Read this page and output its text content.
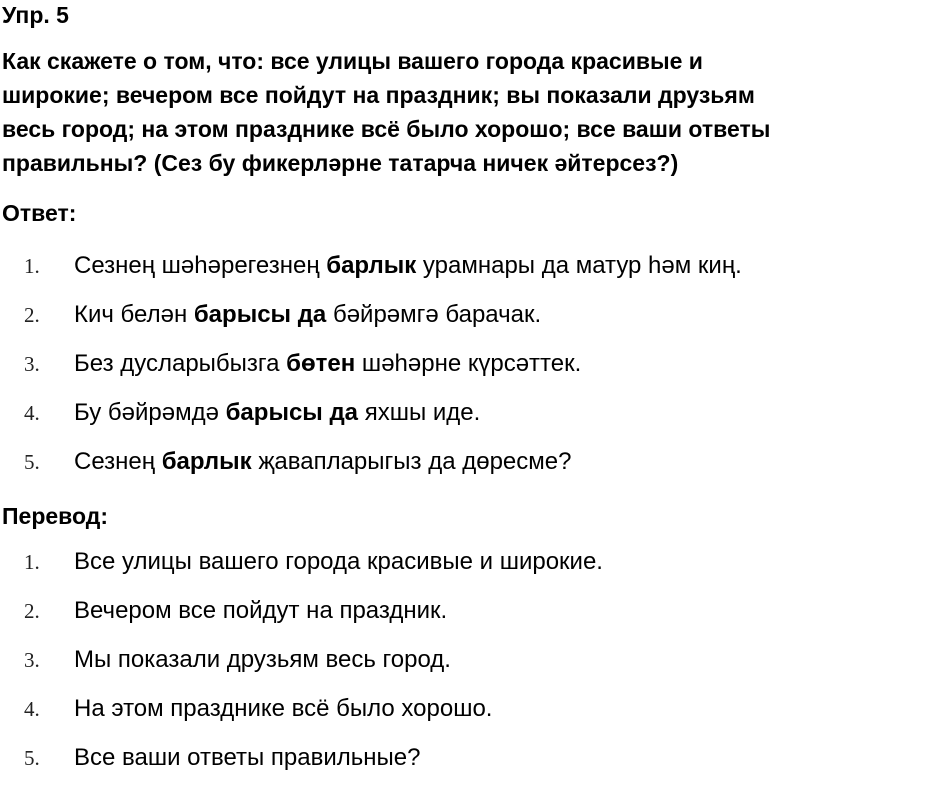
Упр. 5

Как скажете о том, что: все улицы вашего города красивые и
широкие; вечером все пойдут на праздник; вы показали друзьям
весь город; на этом празднике всё было хорошо; все ваши ответы
правильны? (Сез бу фикерләрне татарча ничек әйтерсез?)

Ответ:
1.	Сезнең шәһәрегезнең барлык урамнары да матур һәм киң.
2.	Кич белән барысы да бәйрәмгә барачак.
3.	Без дусларыбызга бөтен шәһәрне күрсәттек.
4.	Бу бәйрәмдә барысы да яхшы иде.
5.	Сезнең барлык җавапларыгыз да дөресме?
Перевод:
1.	Все улицы вашего города красивые и широкие.
2.	Вечером все пойдут на праздник.
3.	Мы показали друзьям весь город.
4.	На этом празднике всё было хорошо.
5.	Все ваши ответы правильные?
